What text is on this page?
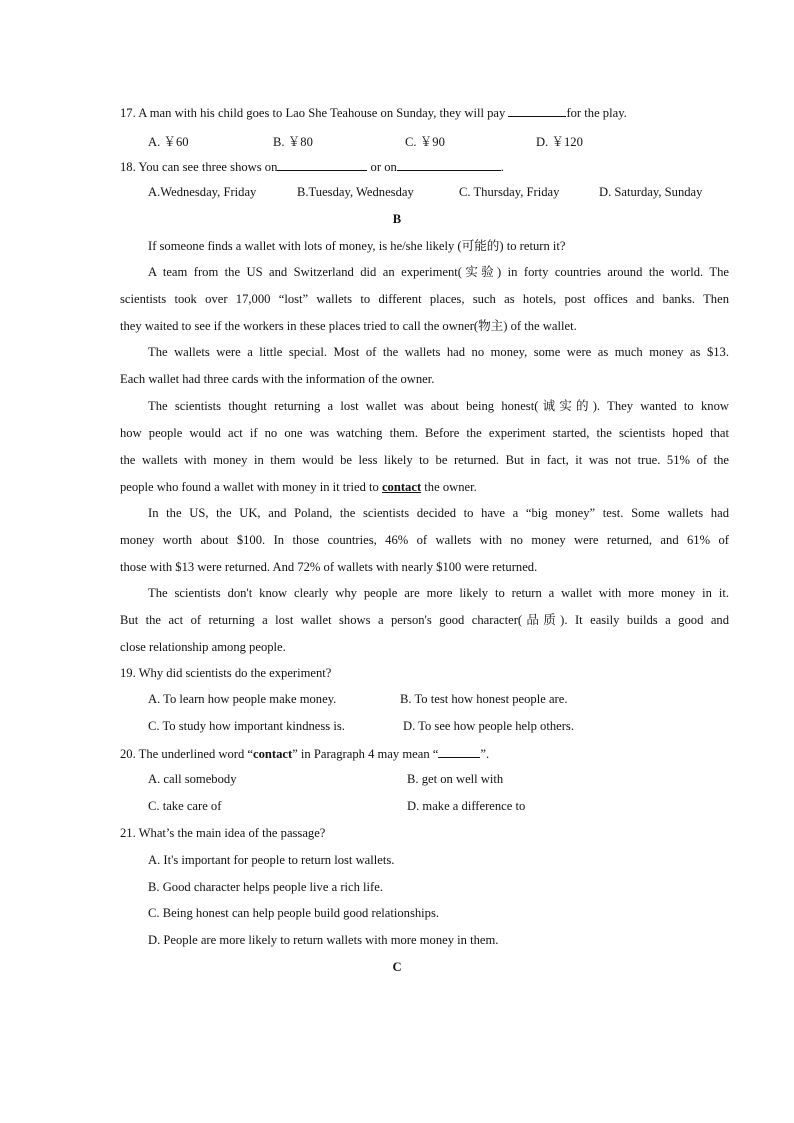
17. A man with his child goes to Lao She Teahouse on Sunday, they will pay	for the play.
A. ￥60	B. ￥80	C. ￥90	D. ￥120
18. You can see three shows on	or on	.
A.Wednesday, Friday	B.Tuesday, Wednesday	C. Thursday, Friday	D. Saturday, Sunday
B
If someone finds a wallet with lots of money, is he/she likely (可能的) to return it?
A team from the US and Switzerland did an experiment(实验) in forty countries around the world. The
scientists took over 17,000 “lost” wallets to different places, such as hotels, post offices and banks. Then
they waited to see if the workers in these places tried to call the owner(物主) of the wallet.
The wallets were a little special. Most of the wallets had no money, some were as much money as $13.
Each wallet had three cards with the information of the owner.
The scientists thought returning a lost wallet was about being honest(诚实的). They wanted to know
how people would act if no one was watching them. Before the experiment started, the scientists hoped that
the wallets with money in them would be less likely to be returned. But in fact, it was not true. 51% of the
people who found a wallet with money in it tried to contact the owner.
In the US, the UK, and Poland, the scientists decided to have a “big money” test. Some wallets had
money worth about $100. In those countries, 46% of wallets with no money were returned, and 61% of
those with $13 were returned. And 72% of wallets with nearly $100 were returned.
The scientists don't know clearly why people are more likely to return a wallet with more money in it.
But the act of returning a lost wallet shows a person's good character(品质). It easily builds a good and
close relationship among people.
19. Why did scientists do the experiment?
A. To learn how people make money.	B. To test how honest people are.
C. To study how important kindness is.	D. To see how people help others.
20. The underlined word “contact” in Paragraph 4 may mean “	”.
A. call somebody	B. get on well with
C. take care of	D. make a difference to
21. What’s the main idea of the passage?
A. It's important for people to return lost wallets.
B. Good character helps people live a rich life.
C. Being honest can help people build good relationships.
D. People are more likely to return wallets with more money in them.
C
